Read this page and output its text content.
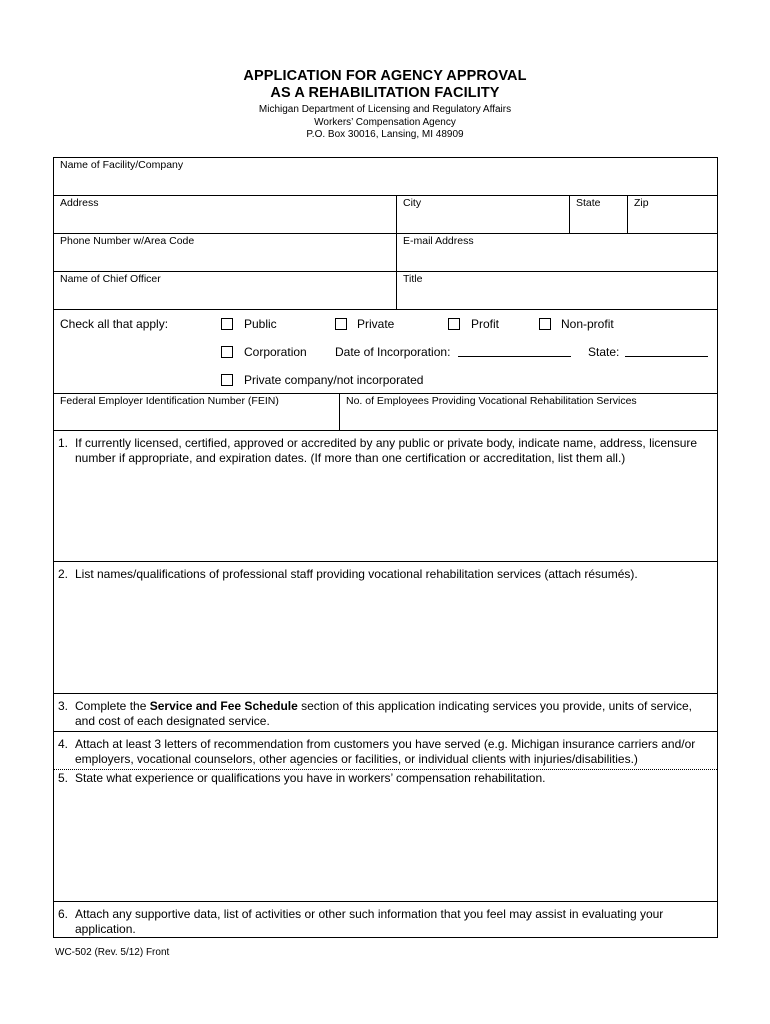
APPLICATION FOR AGENCY APPROVAL
AS A REHABILITATION FACILITY
Michigan Department of Licensing and Regulatory Affairs
Workers’ Compensation Agency
P.O. Box 30016, Lansing, MI 48909
Name of Facility/Company
Address	City	State	Zip
Phone Number w/Area Code	E-mail Address
Name of Chief Officer	Title
Check all that apply:	Public	Private	Profit	Non-profit
Corporation Date of Incorporation:	State:
Private company/not incorporated
Federal Employer Identification Number (FEIN)	No. of Employees Providing Vocational Rehabilitation Services
1. If currently licensed, certified, approved or accredited by any public or private body, indicate name, address, licensure number if appropriate, and expiration dates. (If more than one certification or accreditation, list them all.)
2. List names/qualifications of professional staff providing vocational rehabilitation services (attach résumés).
3. Complete the Service and Fee Schedule section of this application indicating services you provide, units of service, and cost of each designated service.
4. Attach at least 3 letters of recommendation from customers you have served (e.g. Michigan insurance carriers and/or employers, vocational counselors, other agencies or facilities, or individual clients with injuries/disabilities.)
5. State what experience or qualifications you have in workers’ compensation rehabilitation.
6. Attach any supportive data, list of activities or other such information that you feel may assist in evaluating your application.
WC-502 (Rev. 5/12) Front
